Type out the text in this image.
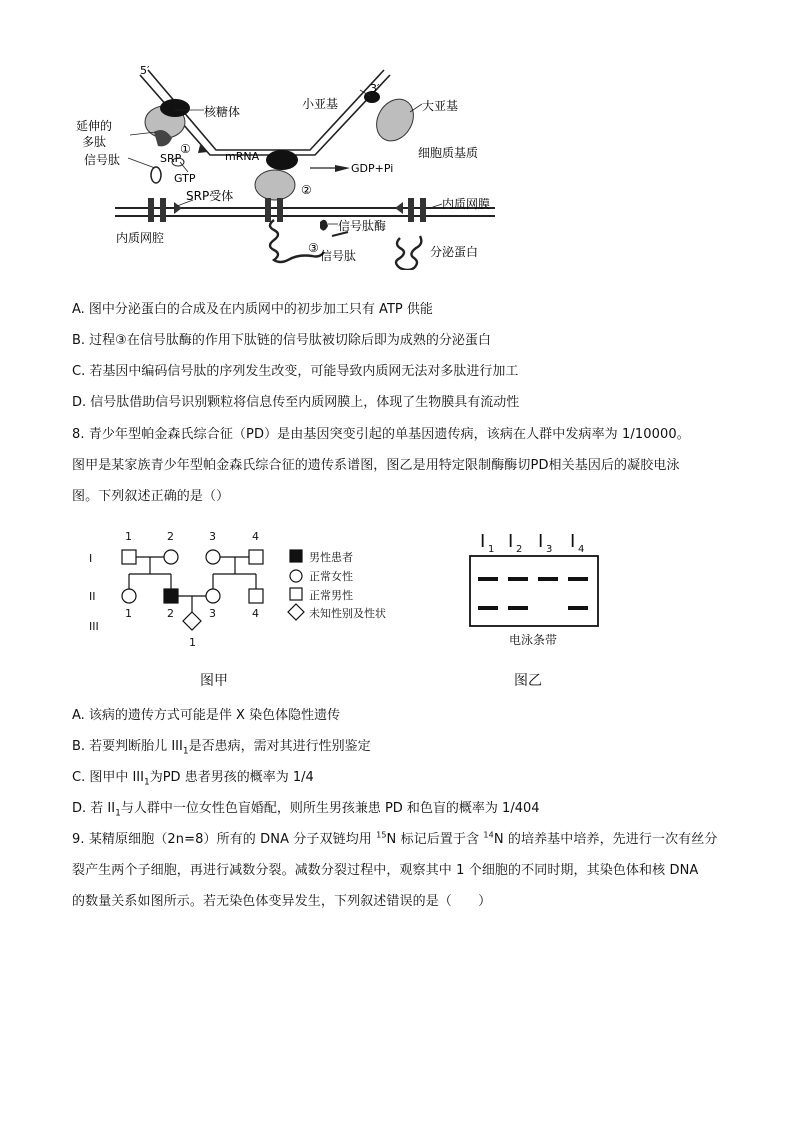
5′
核糖体
延伸的
多肽
信号肽	SRP
①
GTP
mRNA
SRP受体	②
GDP+Pi
小亚基
3′
大亚基
细胞质基质
内质网膜
内质网腔
信号肽酶
③
信号肽	分泌蛋白
A. 图中分泌蛋白的合成及在内质网中的初步加工只有 ATP 供能
B. 过程③在信号肽酶的作用下肽链的信号肽被切除后即为成熟的分泌蛋白
C. 若基因中编码信号肽的序列发生改变，可能导致内质网无法对多肽进行加工
D. 信号肽借助信号识别颗粒将信息传至内质网膜上，体现了生物膜具有流动性
8. 青少年型帕金森氏综合征（PD）是由基因突变引起的单基因遗传病，该病在人群中发病率为 1/10000。
图甲是某家族青少年型帕金森氏综合征的遗传系谱图，图乙是用特定限制酶酶切PD相关基因后的凝胶电泳
图。下列叙述正确的是（）
I
II
III
1	2	3	4
1	2	3	4
1
男性患者
正常女性
正常男性
未知性别及性状
I 1 I 2 I 3 I 4
电泳条带
图甲	图乙
A. 该病的遗传方式可能是伴 X 染色体隐性遗传
B. 若要判断胎儿 $III_1$是否患病，需对其进行性别鉴定
C. 图甲中 $III_1$为PD 患者男孩的概率为 1/4
D. 若 $II_1$与人群中一位女性色盲婚配，则所生男孩兼患 PD 和色盲的概率为 1/404
9. 某精原细胞（2n=8）所有的 DNA 分子双链均用 $^{15}$N 标记后置于含 $^{14}$N 的培养基中培养，先进行一次有丝分
裂产生两个子细胞，再进行减数分裂。减数分裂过程中，观察其中 1 个细胞的不同时期，其染色体和核 DNA
的数量关系如图所示。若无染色体变异发生，下列叙述错误的是（　　）
